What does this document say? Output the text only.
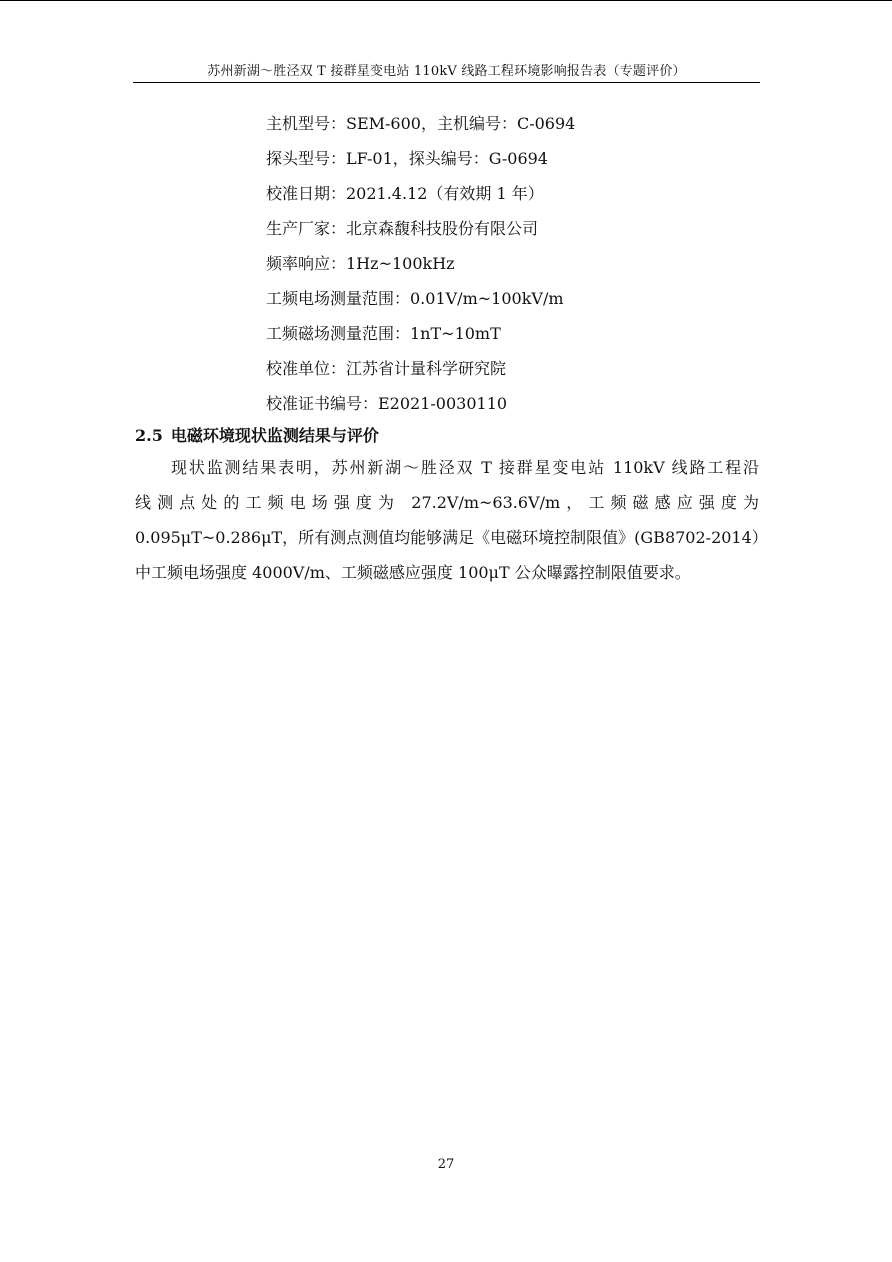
苏州新湖～胜泾双 T 接群星变电站 110kV 线路工程环境影响报告表（专题评价）
主机型号：SEM-600，主机编号：C-0694
探头型号：LF-01，探头编号：G-0694
校准日期：2021.4.12（有效期 1 年）
生产厂家：北京森馥科技股份有限公司
频率响应：1Hz~100kHz
工频电场测量范围：0.01V/m~100kV/m
工频磁场测量范围：1nT~10mT
校准单位：江苏省计量科学研究院
校准证书编号：E2021-0030110
2.5 电磁环境现状监测结果与评价
现状监测结果表明，苏州新湖～胜泾双 T 接群星变电站 110kV 线路工程沿
线测点处的工频电场强度为 27.2V/m~63.6V/m，工频磁感应强度为
0.095μT~0.286μT，所有测点测值均能够满足《电磁环境控制限值》(GB8702-2014）
中工频电场强度 4000V/m、工频磁感应强度 100μT 公众曝露控制限值要求。
27
